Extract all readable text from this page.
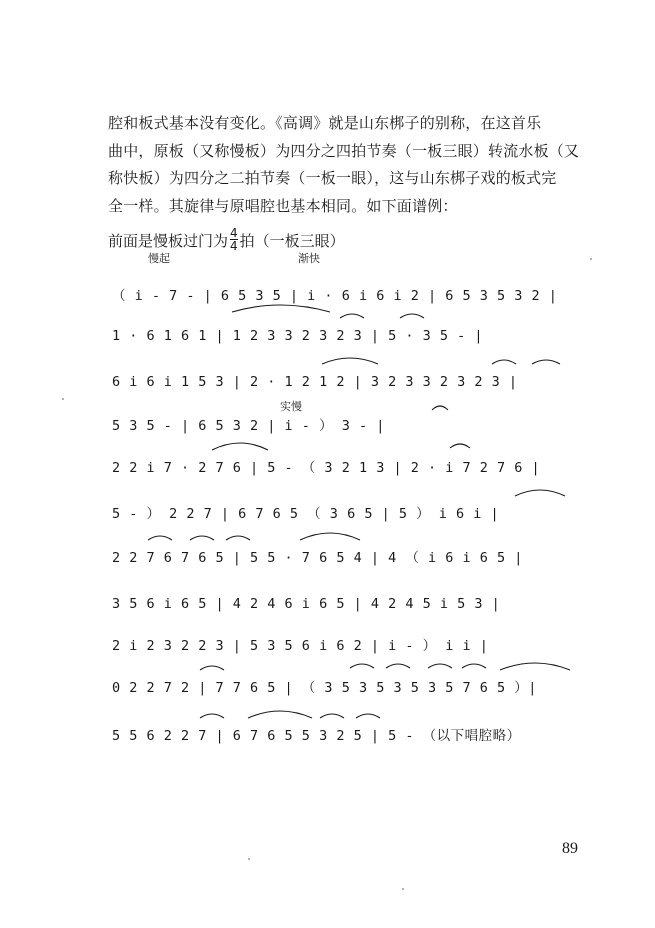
腔和板式基本没有变化。《高调》就是山东梆子的别称，在这首乐

曲中，原板（又称慢板）为四分之四拍节奏（一板三眼）转流水板（又

称快板）为四分之二拍节奏（一板一眼），这与山东梆子戏的板式完

全一样。其旋律与原唱腔也基本相同。如下面谱例：

前面是慢板过门为 $\frac{4}{4}$ 拍（一板三眼）
慢起	渐快
实慢
（ i - 7 - | 6 5 3 5 | i · 6 i 6 i 2 | 6 5 3 5 3 2 |
1 · 6 1 6 1 | 1 2 3 3 2 3 2 3 | 5 · 3 5 - |
6 i 6 i 1 5 3 | 2 · 1 2 1 2 | 3 2 3 3 2 3 2 3 |
5 3 5 - | 6 5 3 2 | i - ） 3 - |
2 2 i 7 · 2 7 6 | 5 - （ 3 2 1 3 | 2 · i 7 2 7 6 |
5 - ） 2 2 7 | 6 7 6 5 （ 3 6 5 | 5 ） i 6 i |
2 2 7 6 7 6 5 | 5 5 · 7 6 5 4 | 4 （ i 6 i 6 5 |
3 5 6 i 6 5 | 4 2 4 6 i 6 5 | 4 2 4 5 i 5 3 |
2 i 2 3 2 2 3 | 5 3 5 6 i 6 2 | i - ） i i |
0 2 2 7 2 | 7 7 6 5 | （ 3 5 3 5 3 5 3 5 7 6 5 ）|
5 5 6 2 2 7 | 6 7 6 5 5 3 2 5 | 5 - （以下唱腔略）
89
